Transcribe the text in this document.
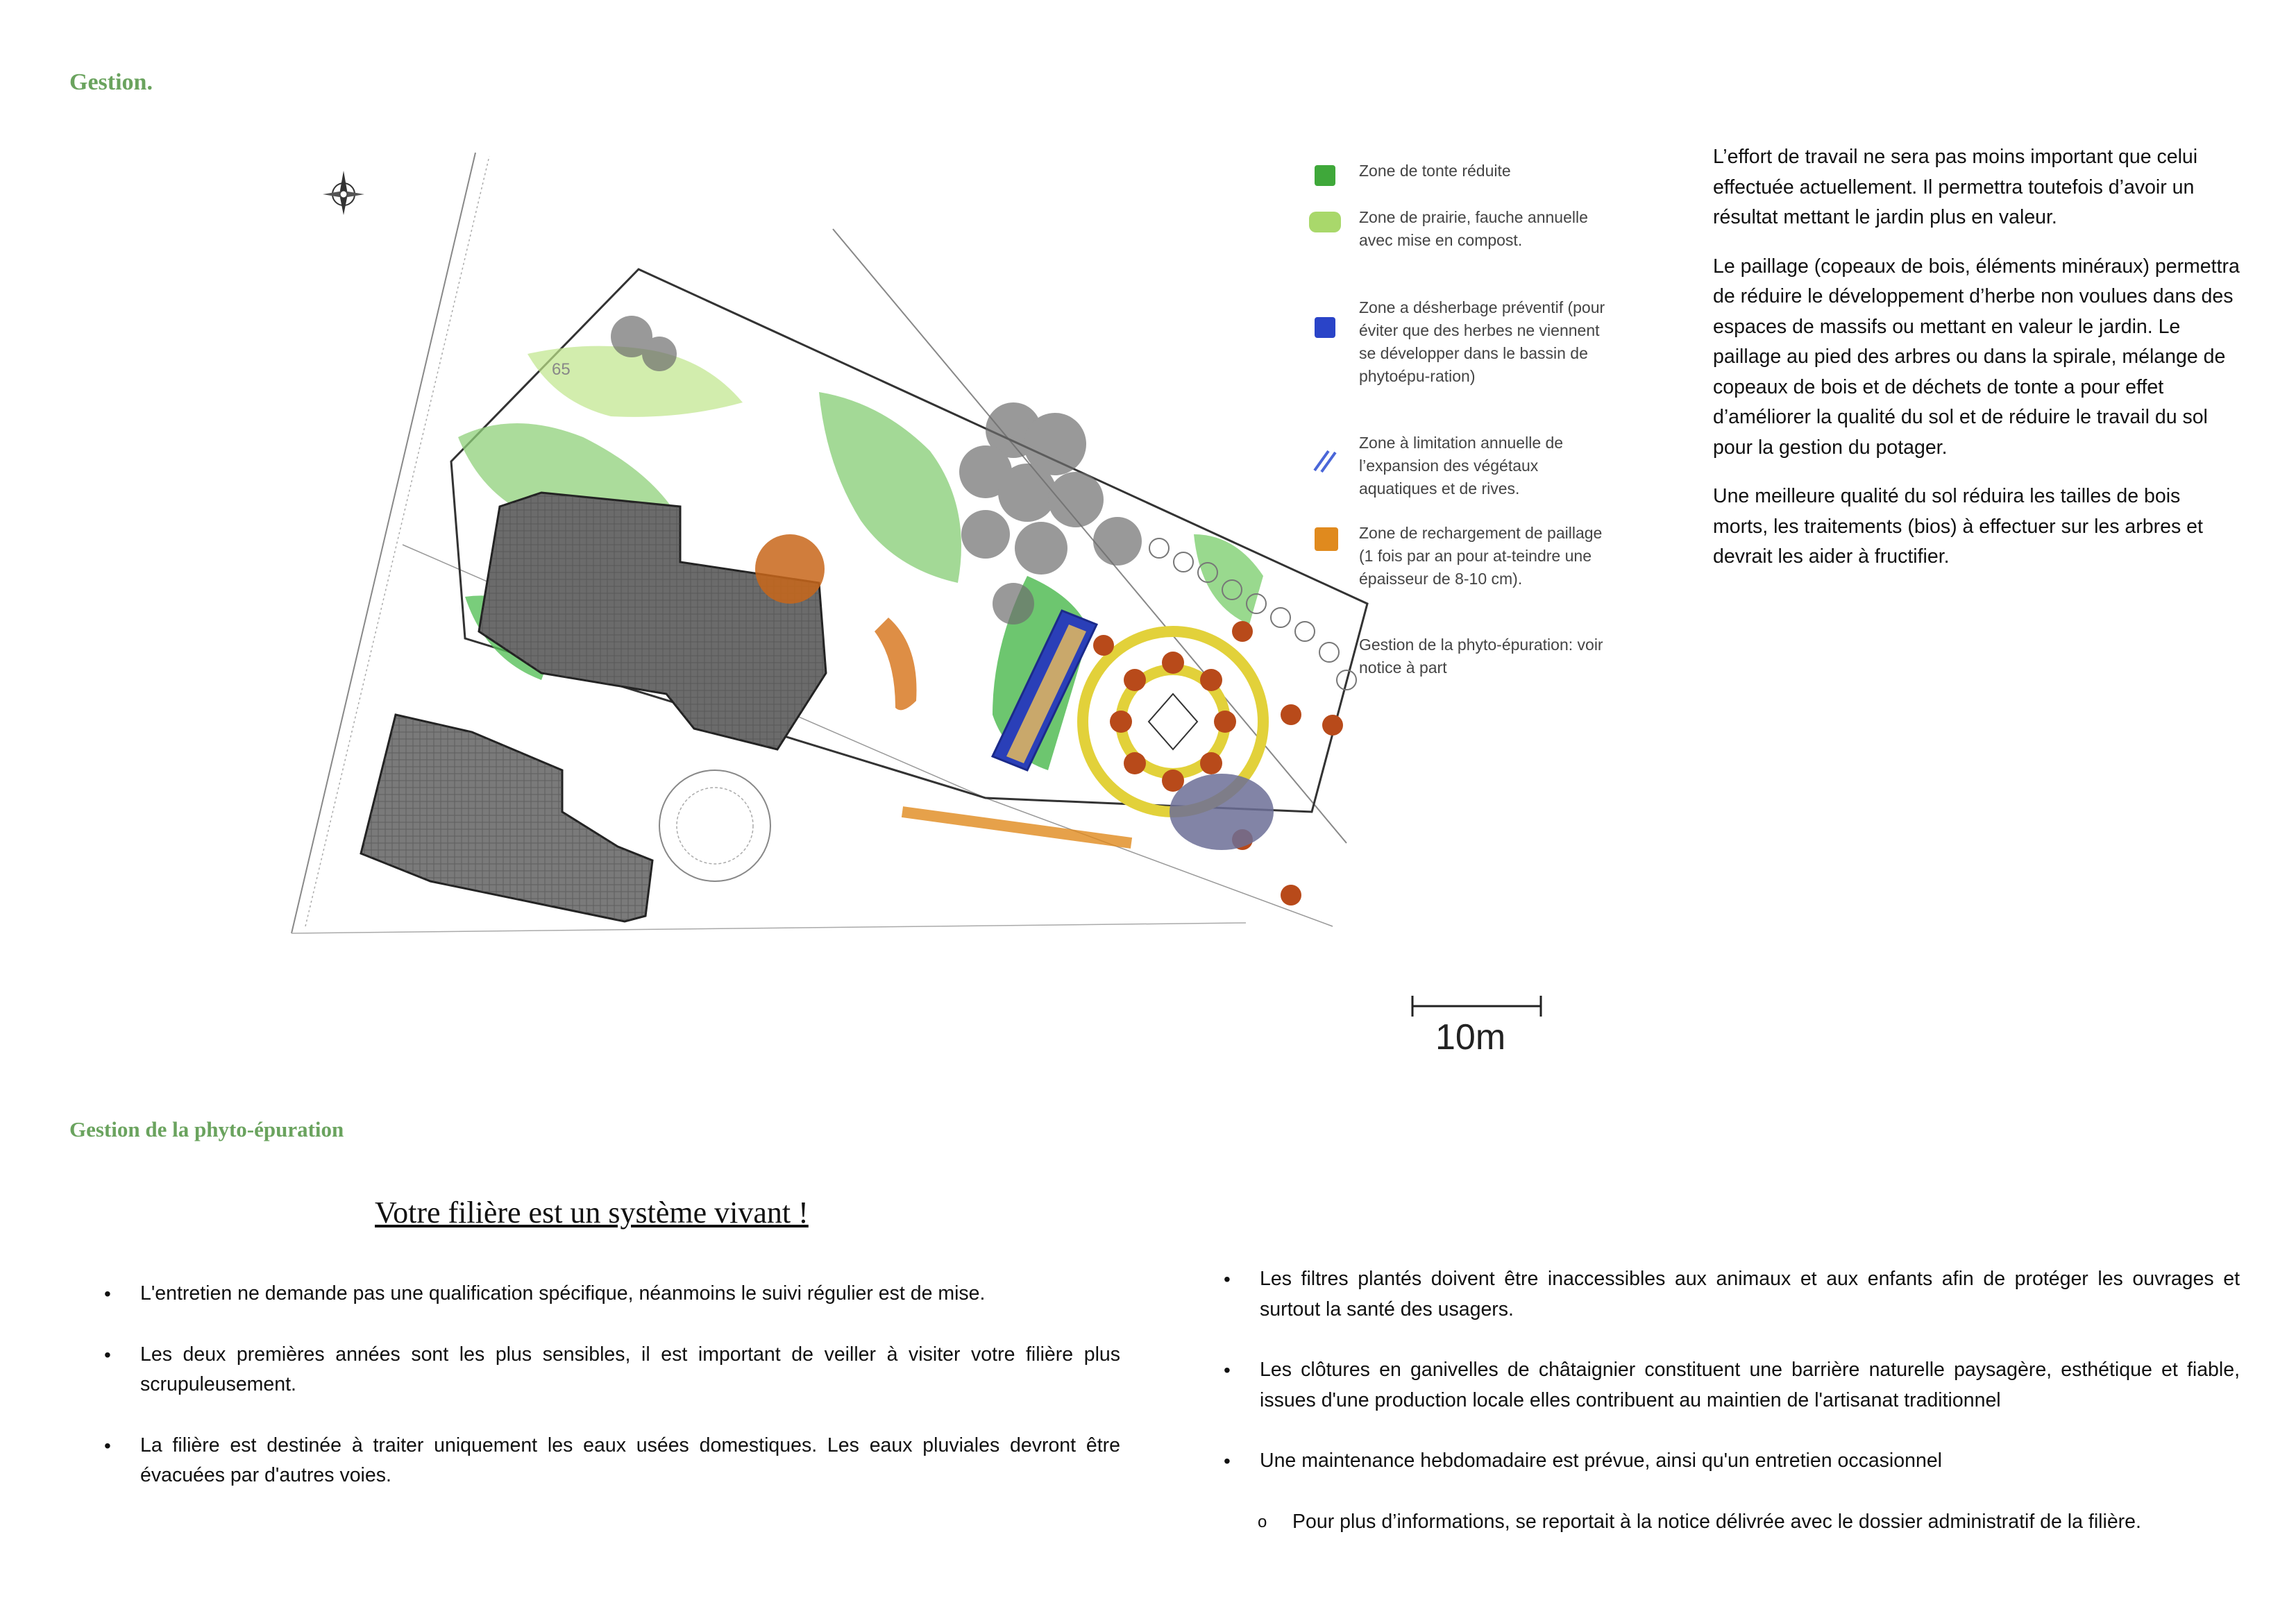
Gestion.
65
10m
Zone de tonte réduite
Zone de prairie, fauche annuelle avec mise en compost.
Zone a désherbage préventif (pour éviter que des herbes ne viennent se développer dans le bassin de phytoépu-ration)
Zone à limitation annuelle de l’expansion des végétaux aquatiques et de rives.
Zone de rechargement de paillage (1 fois par an pour at-teindre une épaisseur de 8-10 cm).
Gestion de la phyto-épuration: voir notice à part

L’effort de travail ne sera pas moins important que celui effectuée actuellement. Il permettra toutefois d’avoir un résultat mettant le jardin plus en valeur.

Le paillage (copeaux de bois, éléments minéraux) permettra de réduire le développement d’herbe non voulues dans des espaces de massifs ou mettant en valeur le jardin. Le paillage au pied des arbres ou dans la spirale, mélange de copeaux de bois et de déchets de tonte a pour effet d’améliorer la qualité du sol et de réduire le travail du sol pour la gestion du potager.

Une meilleure qualité du sol réduira les tailles de bois morts, les traitements (bios) à effectuer sur les arbres et devrait les aider à fructifier.

Gestion de la phyto-épuration
Votre filière est un système vivant !
• L'entretien ne demande pas une qualification spécifique, néanmoins le suivi régulier est de mise.
• Les deux premières années sont les plus sensibles, il est important de veiller à visiter votre filière plus scrupuleusement.
• La filière est destinée à traiter uniquement les eaux usées domestiques. Les eaux pluviales devront être évacuées par d'autres voies.
• Les filtres plantés doivent être inaccessibles aux animaux et aux enfants afin de protéger les ouvrages et surtout la santé des usagers.
• Les clôtures en ganivelles de châtaignier constituent une barrière naturelle paysagère, esthétique et fiable, issues d'une production locale elles contribuent au maintien de l'artisanat traditionnel
• Une maintenance hebdomadaire est prévue, ainsi qu'un entretien occasionnel
o Pour plus d’informations, se reportait à la notice délivrée avec le dossier administratif de la filière.
